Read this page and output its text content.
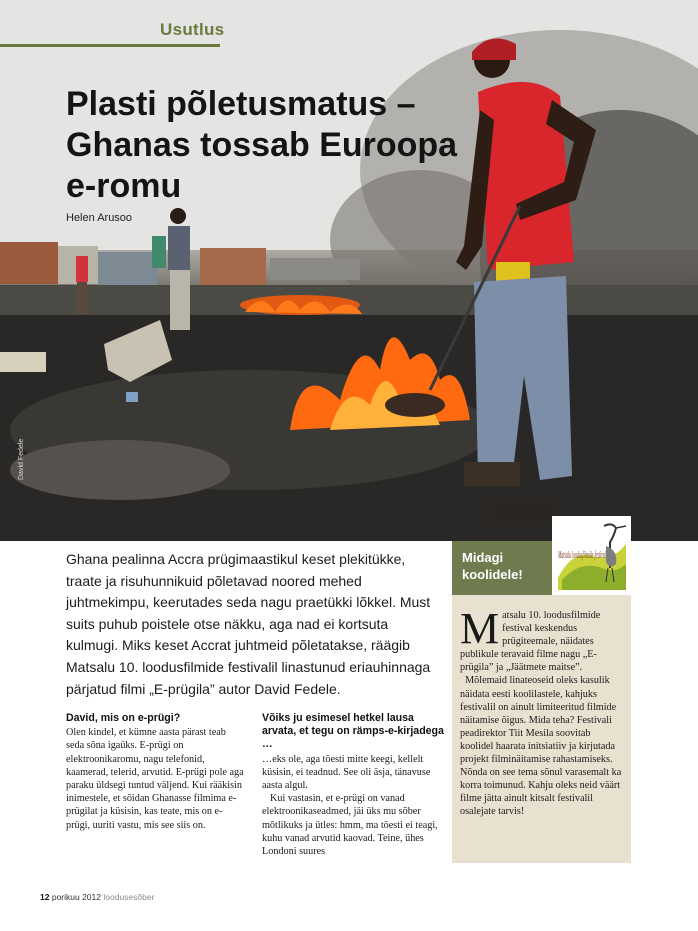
Usutlus
Plasti põletusmatus – Ghanas tossab Euroopa e-romu
Helen Arusoo
David Fedele

Ghana pealinna Accra prügimaastikul keset plekitükke, traate ja risuhunnikuid põletavad noored mehed juhtmekimpu, keerutades seda nagu praetükki lõkkel. Must suits puhub poistele otse näkku, aga nad ei kortsuta kulmugi. Miks keset Accrat juhtmeid põletatakse, räägib Matsalu 10. loodusfilmide festivalil linastunud eriauhinnaga pärjatud filmi „E-prügila” autor David Fedele.

David, mis on e-prügi?

Olen kindel, et kümne aasta pärast teab seda sõna igaüks. E-prügi on elektroonikaromu, nagu telefonid, kaamerad, telerid, arvutid. E-prügi pole aga paraku üldsegi tuntud väljend. Kui rääkisin inimestele, et sõidan Ghanasse filmima e-prügilat ja küsisin, kas teate, mis on e-prügi, uuriti vastu, mis see siis on.

Võiks ju esimesel hetkel lausa arvata, et tegu on rämps-e-kirjadega …

…eks ole, aga tõesti mitte keegi, kellelt küsisin, ei teadnud. See oli äsja, tänavuse aasta algul.

Kui vastasin, et e-prügi on vanad elektroonikaseadmed, jäi üks mu sõber mõtlikuks ja ütles: hmm, ma tõesti ei teagi, kuhu vanad arvutid kaovad. Teine, ühes Londoni suures

Midagi koolidele!

Matsalu loodusfilmide festival

Matsalu 10. loodusfilmide festival keskendus prügiteemale, näidates publikule teravaid filme nagu „E-prügila” ja „Jäätmete maitse”.
Mõlemaid linateoseid oleks kasulik näidata eesti koolilastele, kahjuks festivalil on ainult limiteeritud filmide näitamise õigus. Mida teha? Festivali peadirektor Tiit Mesila soovitab koolidel haarata initsiatiiv ja kirjutada projekt filminäitamise rahastamiseks. Nõnda on see tema sõnul varasemalt ka korra toimunud. Kahju oleks neid väärt filme jätta ainult kitsalt festivalil osalejate tarvis!

12 porikuu 2012 loodusesõber
